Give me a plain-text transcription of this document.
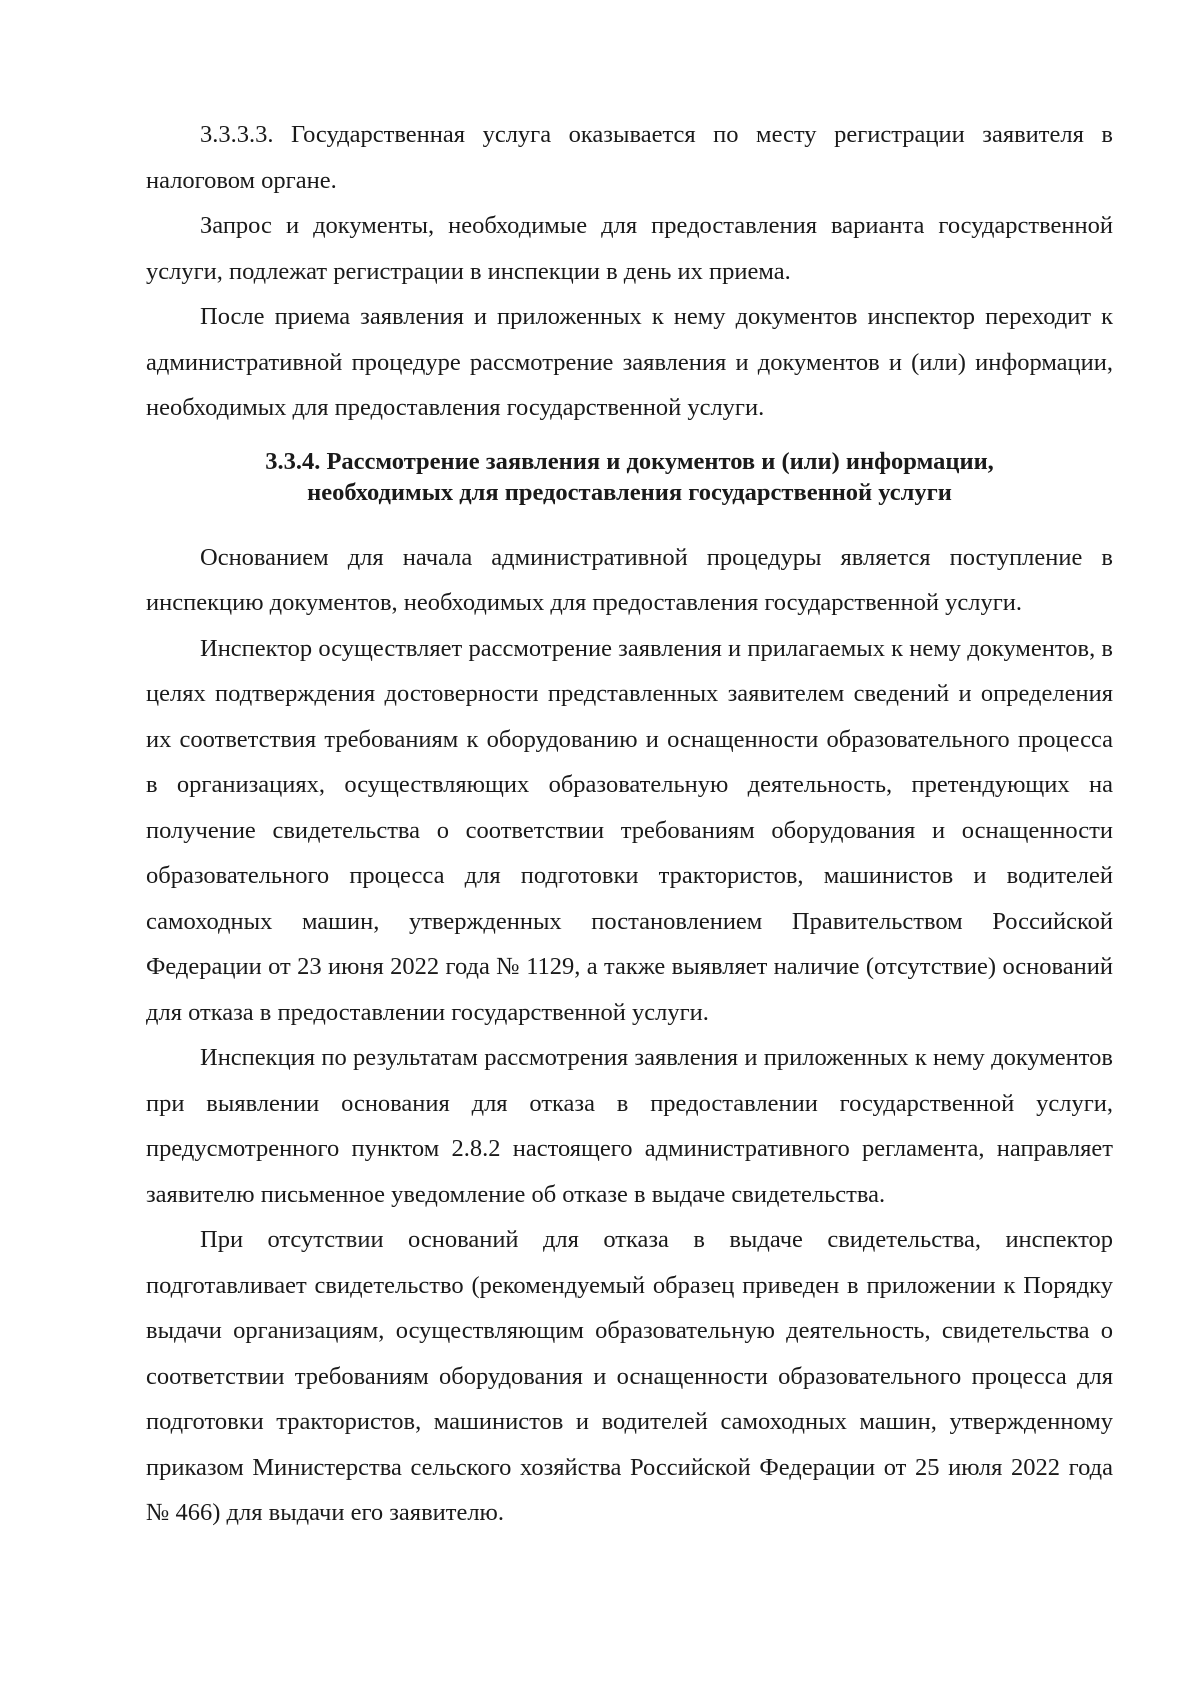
3.3.3.3. Государственная услуга оказывается по месту регистрации заявителя в налоговом органе.

Запрос и документы, необходимые для предоставления варианта государственной услуги, подлежат регистрации в инспекции в день их приема.

После приема заявления и приложенных к нему документов инспектор переходит к административной процедуре рассмотрение заявления и документов и (или) информации, необходимых для предоставления государственной услуги.

3.3.4. Рассмотрение заявления и документов и (или) информации,
необходимых для предоставления государственной услуги

Основанием для начала административной процедуры является поступление в инспекцию документов, необходимых для предоставления государственной услуги.

Инспектор осуществляет рассмотрение заявления и прилагаемых к нему документов, в целях подтверждения достоверности представленных заявителем сведений и определения их соответствия требованиям к оборудованию и оснащенности образовательного процесса в организациях, осуществляющих образовательную деятельность, претендующих на получение свидетельства о соответствии требованиям оборудования и оснащенности образовательного процесса для подготовки трактористов, машинистов и водителей самоходных машин, утвержденных постановлением Правительством Российской Федерации от 23 июня 2022 года № 1129, а также выявляет наличие (отсутствие) оснований для отказа в предоставлении государственной услуги.

Инспекция по результатам рассмотрения заявления и приложенных к нему документов при выявлении основания для отказа в предоставлении государственной услуги, предусмотренного пунктом 2.8.2 настоящего административного регламента, направляет заявителю письменное уведомление об отказе в выдаче свидетельства.

При отсутствии оснований для отказа в выдаче свидетельства, инспектор подготавливает свидетельство (рекомендуемый образец приведен в приложении к Порядку выдачи организациям, осуществляющим образовательную деятельность, свидетельства о соответствии требованиям оборудования и оснащенности образовательного процесса для подготовки трактористов, машинистов и водителей самоходных машин, утвержденному приказом Министерства сельского хозяйства Российской Федерации от 25 июля 2022 года № 466) для выдачи его заявителю.
